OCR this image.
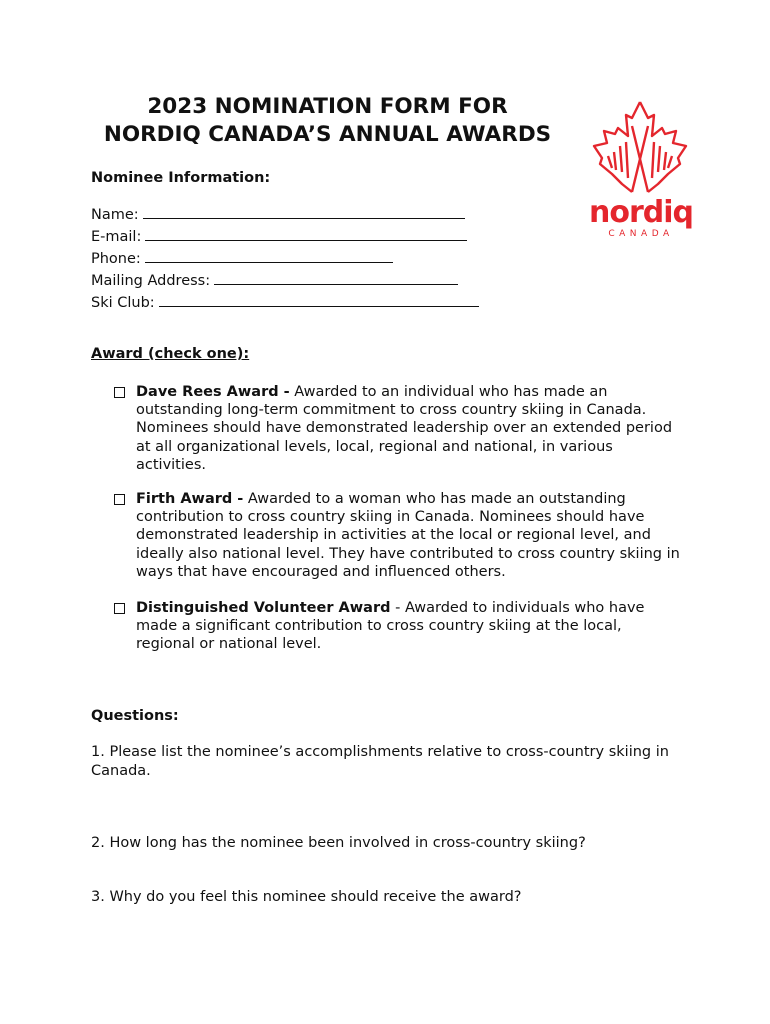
2023 NOMINATION FORM FOR
NORDIQ CANADA’S ANNUAL AWARDS
nordiq
CANADA
Nominee Information:
Name:
E-mail:
Phone:
Mailing Address:
Ski Club:
Award (check one):
Dave Rees Award - Awarded to an individual who has made an outstanding long-term commitment to cross country skiing in Canada. Nominees should have demonstrated leadership over an extended period at all organizational levels, local, regional and national, in various activities.
Firth Award - Awarded to a woman who has made an outstanding contribution to cross country skiing in Canada. Nominees should have demonstrated leadership in activities at the local or regional level, and ideally also national level. They have contributed to cross country skiing in ways that have encouraged and influenced others.
Distinguished Volunteer Award - Awarded to individuals who have made a significant contribution to cross country skiing at the local, regional or national level.
Questions:
1. Please list the nominee’s accomplishments relative to cross-country skiing in Canada.
2. How long has the nominee been involved in cross-country skiing?
3. Why do you feel this nominee should receive the award?
